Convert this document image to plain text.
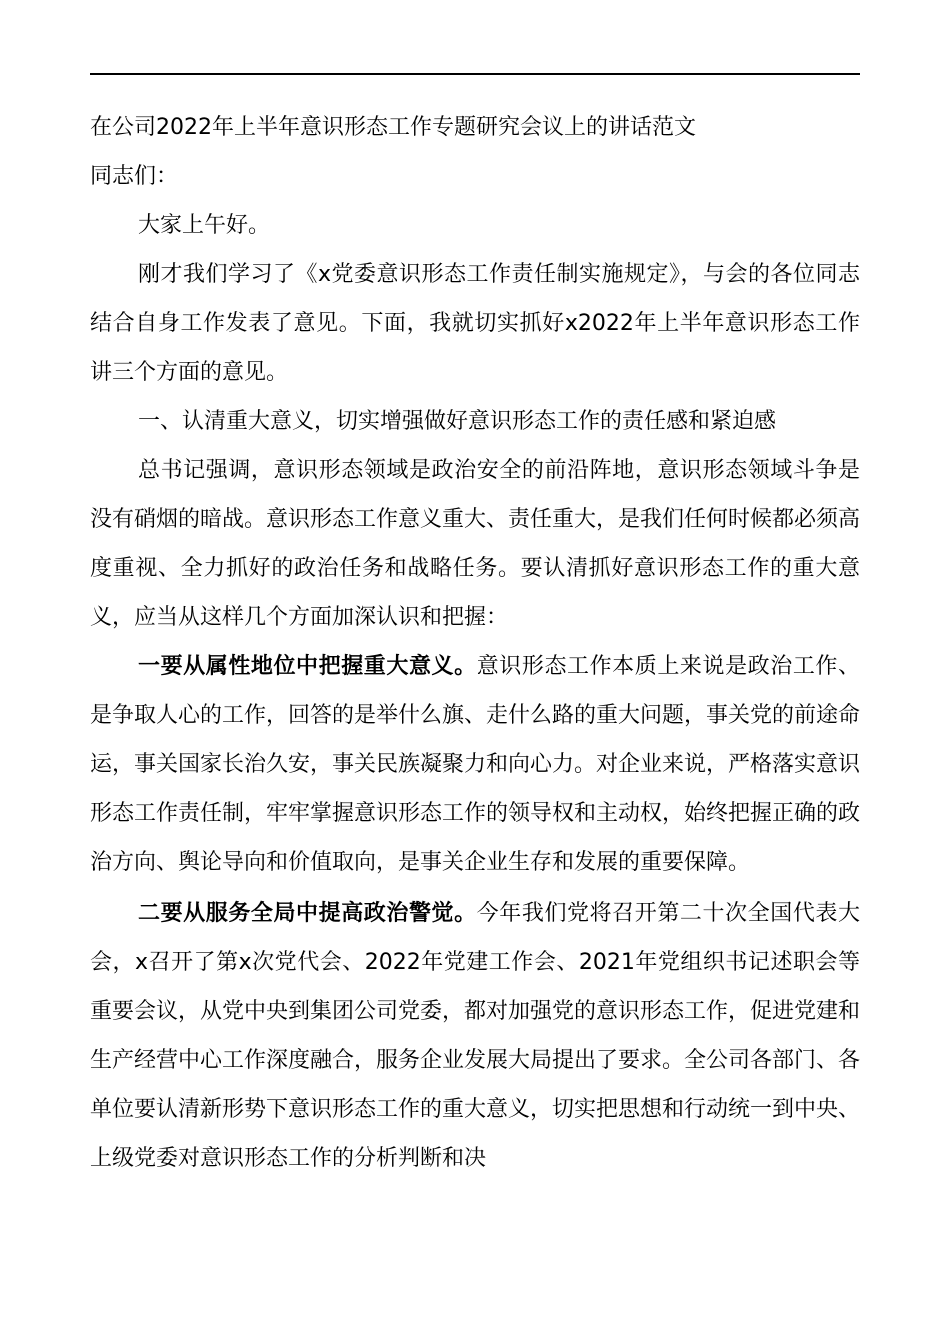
在公司2022年上半年意识形态工作专题研究会议上的讲话范文

同志们：

大家上午好。

刚才我们学习了《x党委意识形态工作责任制实施规定》，与会的各位同志结合自身工作发表了意见。下面，我就切实抓好x2022年上半年意识形态工作讲三个方面的意见。

一、认清重大意义，切实增强做好意识形态工作的责任感和紧迫感

总书记强调，意识形态领域是政治安全的前沿阵地，意识形态领域斗争是没有硝烟的暗战。意识形态工作意义重大、责任重大，是我们任何时候都必须高度重视、全力抓好的政治任务和战略任务。要认清抓好意识形态工作的重大意义，应当从这样几个方面加深认识和把握：

一要从属性地位中把握重大意义。意识形态工作本质上来说是政治工作、是争取人心的工作，回答的是举什么旗、走什么路的重大问题，事关党的前途命运，事关国家长治久安，事关民族凝聚力和向心力。对企业来说，严格落实意识形态工作责任制，牢牢掌握意识形态工作的领导权和主动权，始终把握正确的政治方向、舆论导向和价值取向，是事关企业生存和发展的重要保障。

二要从服务全局中提高政治警觉。今年我们党将召开第二十次全国代表大会，x召开了第x次党代会、2022年党建工作会、2021年党组织书记述职会等重要会议，从党中央到集团公司党委，都对加强党的意识形态工作，促进党建和生产经营中心工作深度融合，服务企业发展大局提出了要求。全公司各部门、各单位要认清新形势下意识形态工作的重大意义，切实把思想和行动统一到中央、上级党委对意识形态工作的分析判断和决
